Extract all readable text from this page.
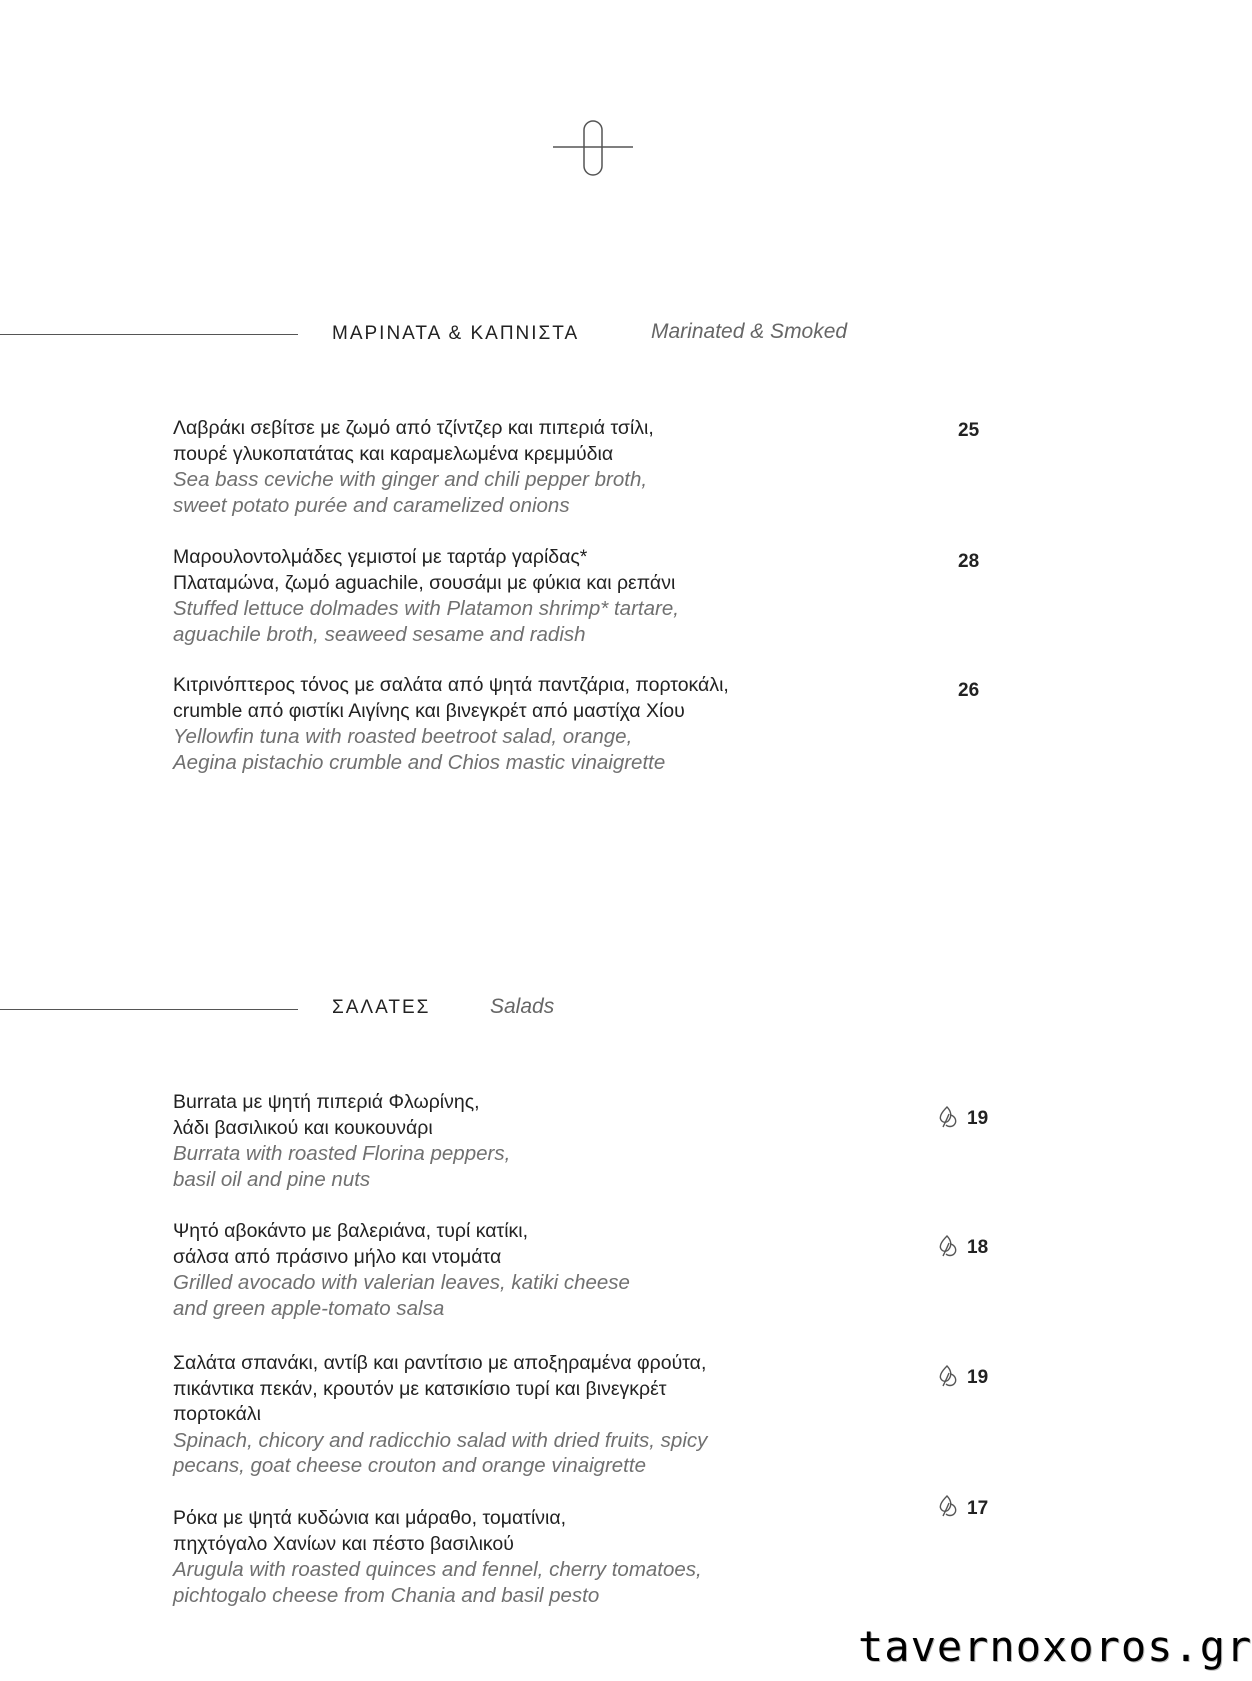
ΜΑΡΙΝΑΤΑ & ΚΑΠΝΙΣΤΑ	Marinated & Smoked
Λαβράκι σεβίτσε με ζωμό από τζίντζερ και πιπεριά τσίλι,
πουρέ γλυκοπατάτας και καραμελωμένα κρεμμύδια
Sea bass ceviche with ginger and chili pepper broth,
sweet potato purée and caramelized onions
25
Μαρουλοντολμάδες γεμιστοί με ταρτάρ γαρίδας*
Πλαταμώνα, ζωμό aguachile, σουσάμι με φύκια και ρεπάνι
Stuffed lettuce dolmades with Platamon shrimp* tartare,
aguachile broth, seaweed sesame and radish
28
Κιτρινόπτερος τόνος με σαλάτα από ψητά παντζάρια, πορτοκάλι,
crumble από φιστίκι Αιγίνης και βινεγκρέτ από μαστίχα Χίου
Yellowfin tuna with roasted beetroot salad, orange,
Aegina pistachio crumble and Chios mastic vinaigrette
26
ΣΑΛΑΤΕΣ	Salads
Burrata με ψητή πιπεριά Φλωρίνης,
λάδι βασιλικού και κουκουνάρι
Burrata with roasted Florina peppers,
basil oil and pine nuts
19
Ψητό αβοκάντο με βαλεριάνα, τυρί κατίκι,
σάλσα από πράσινο μήλο και ντομάτα
Grilled avocado with valerian leaves, katiki cheese
and green apple-tomato salsa
18
Σαλάτα σπανάκι, αντίβ και ραντίτσιο με αποξηραμένα φρούτα,
πικάντικα πεκάν, κρουτόν με κατσικίσιο τυρί και βινεγκρέτ
πορτοκάλι
Spinach, chicory and radicchio salad with dried fruits, spicy
pecans, goat cheese crouton and orange vinaigrette
19
Ρόκα με ψητά κυδώνια και μάραθο, τοματίνια,
πηχτόγαλο Χανίων και πέστο βασιλικού
Arugula with roasted quinces and fennel, cherry tomatoes,
pichtogalo cheese from Chania and basil pesto
17
tavernoxoros.gr
